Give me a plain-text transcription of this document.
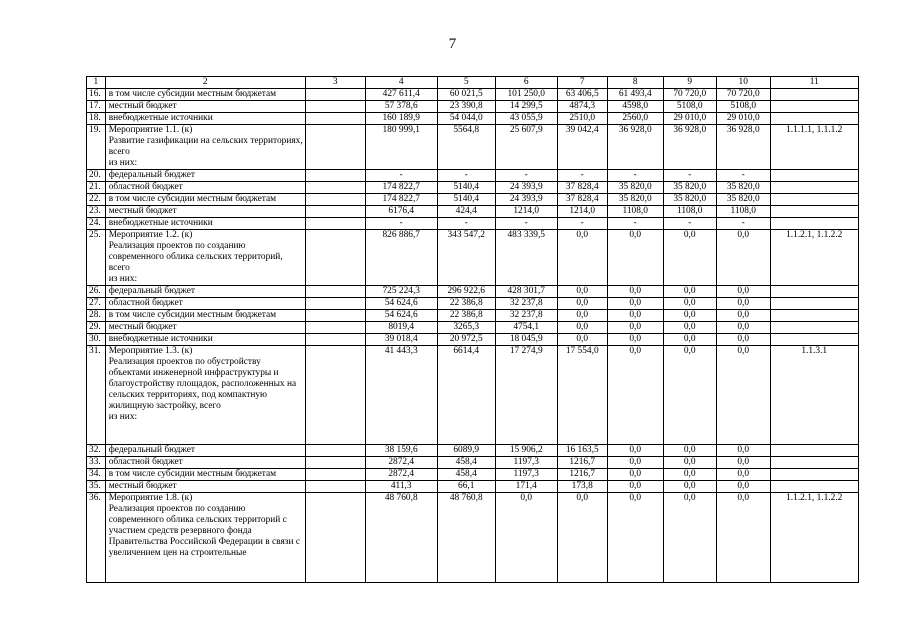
7
1	2	3	4	5	6	7	8	9	10	11
16.	в том числе субсидии местным бюджетам		427 611,4	60 021,5	101 250,0	63 406,5	61 493,4	70 720,0	70 720,0	
17.	местный бюджет		57 378,6	23 390,8	14 299,5	4874,3	4598,0	5108,0	5108,0	
18.	внебюджетные источники		160 189,9	54 044,0	43 055,9	2510,0	2560,0	29 010,0	29 010,0	
19.	Мероприятие 1.1. (к)
Развитие газификации на сельских территориях, всего
из них:		180 999,1	5564,8	25 607,9	39 042,4	36 928,0	36 928,0	36 928,0	1.1.1.1, 1.1.1.2
20.	федеральный бюджет		-	-	-	-	-	-	-	
21.	областной бюджет		174 822,7	5140,4	24 393,9	37 828,4	35 820,0	35 820,0	35 820,0	
22.	в том числе субсидии местным бюджетам		174 822,7	5140,4	24 393,9	37 828,4	35 820,0	35 820,0	35 820,0	
23.	местный бюджет		6176,4	424,4	1214,0	1214,0	1108,0	1108,0	1108,0	
24.	внебюджетные источники		-	-	-	-	-	-	-	
25.	Мероприятие 1.2. (к)
Реализация проектов по созданию современного облика сельских территорий, всего
из них:		826 886,7	343 547,2	483 339,5	0,0	0,0	0,0	0,0	1.1.2.1, 1.1.2.2
26.	федеральный бюджет		725 224,3	296 922,6	428 301,7	0,0	0,0	0,0	0,0	
27.	областной бюджет		54 624,6	22 386,8	32 237,8	0,0	0,0	0,0	0,0	
28.	в том числе субсидии местным бюджетам		54 624,6	22 386,8	32 237,8	0,0	0,0	0,0	0,0	
29.	местный бюджет		8019,4	3265,3	4754,1	0,0	0,0	0,0	0,0	
30.	внебюджетные источники		39 018,4	20 972,5	18 045,9	0,0	0,0	0,0	0,0	
31.	Мероприятие 1.3. (к)
Реализация проектов по обустройству объектами инженерной инфраструктуры и благоустройству площадок, расположенных на сельских территориях, под компактную жилищную застройку, всего
из них:		41 443,3	6614,4	17 274,9	17 554,0	0,0	0,0	0,0	1.1.3.1
32.	федеральный бюджет		38 159,6	6089,9	15 906,2	16 163,5	0,0	0,0	0,0	
33.	областной бюджет		2872,4	458,4	1197,3	1216,7	0,0	0,0	0,0	
34.	в том числе субсидии местным бюджетам		2872,4	458,4	1197,3	1216,7	0,0	0,0	0,0	
35.	местный бюджет		411,3	66,1	171,4	173,8	0,0	0,0	0,0	
36.	Мероприятие 1.8. (к)
Реализация проектов по созданию современного облика сельских территорий с участием средств резервного фонда Правительства Российской Федерации в связи с увеличением цен на строительные		48 760,8	48 760,8	0,0	0,0	0,0	0,0	0,0	1.1.2.1, 1.1.2.2
